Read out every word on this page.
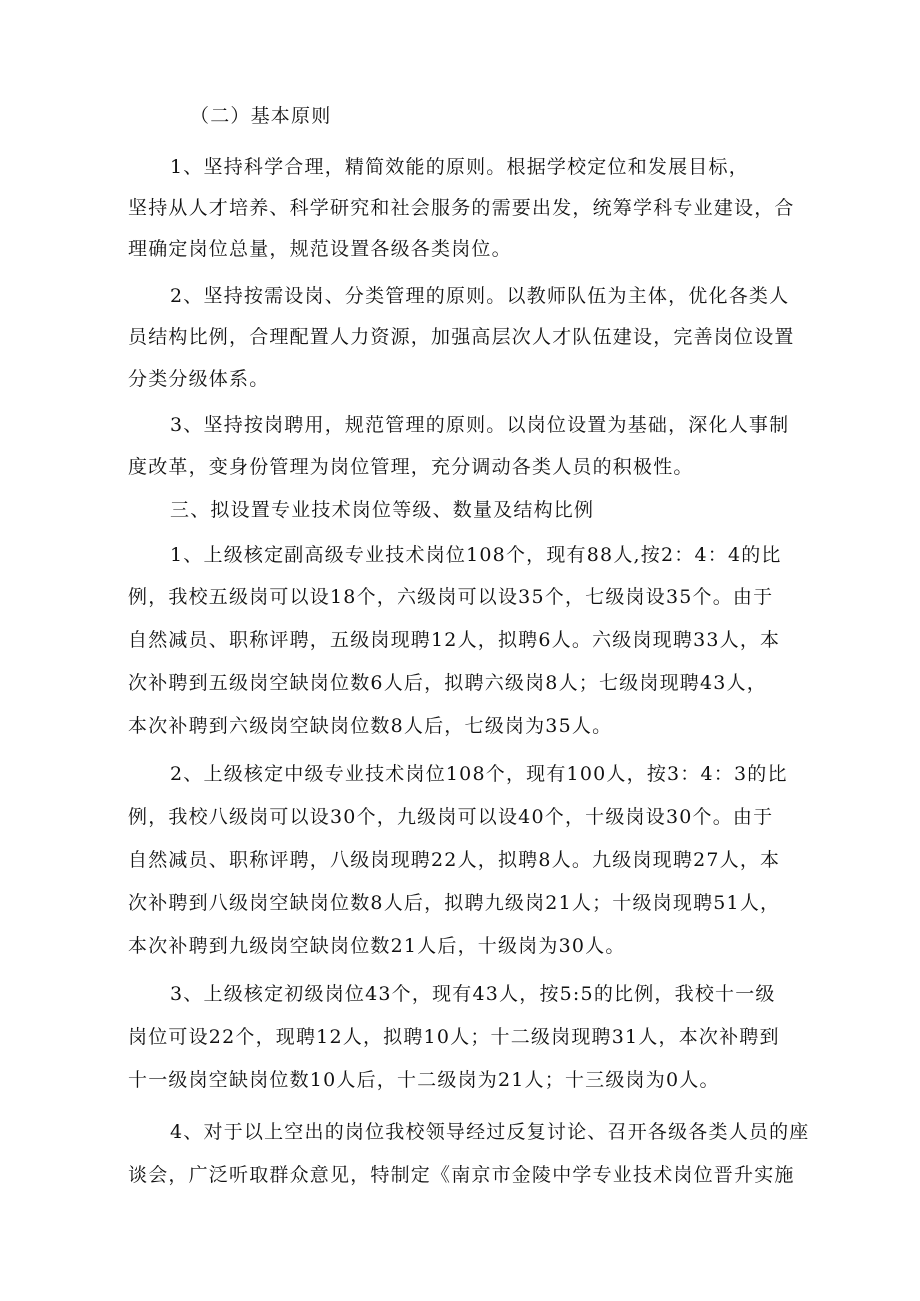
（二）基本原则

1、坚持科学合理，精简效能的原则。根据学校定位和发展目标，

坚持从人才培养、科学研究和社会服务的需要出发，统筹学科专业建设，合

理确定岗位总量，规范设置各级各类岗位。

2、坚持按需设岗、分类管理的原则。以教师队伍为主体，优化各类人

员结构比例，合理配置人力资源，加强高层次人才队伍建设，完善岗位设置

分类分级体系。

3、坚持按岗聘用，规范管理的原则。以岗位设置为基础，深化人事制

度改革，变身份管理为岗位管理，充分调动各类人员的积极性。

三、拟设置专业技术岗位等级、数量及结构比例

1、上级核定副高级专业技术岗位108个，现有88人,按2：4：4的比

例，我校五级岗可以设18个，六级岗可以设35个，七级岗设35个。由于

自然减员、职称评聘，五级岗现聘12人，拟聘6人。六级岗现聘33人，本

次补聘到五级岗空缺岗位数6人后，拟聘六级岗8人；七级岗现聘43人，

本次补聘到六级岗空缺岗位数8人后，七级岗为35人。

2、上级核定中级专业技术岗位108个，现有100人，按3：4：3的比

例，我校八级岗可以设30个，九级岗可以设40个，十级岗设30个。由于

自然减员、职称评聘，八级岗现聘22人，拟聘8人。九级岗现聘27人，本

次补聘到八级岗空缺岗位数8人后，拟聘九级岗21人；十级岗现聘51人，

本次补聘到九级岗空缺岗位数21人后，十级岗为30人。

3、上级核定初级岗位43个，现有43人，按5:5的比例，我校十一级

岗位可设22个，现聘12人，拟聘10人；十二级岗现聘31人，本次补聘到

十一级岗空缺岗位数10人后，十二级岗为21人；十三级岗为0人。

4、对于以上空出的岗位我校领导经过反复讨论、召开各级各类人员的座

谈会，广泛听取群众意见，特制定《南京市金陵中学专业技术岗位晋升实施
